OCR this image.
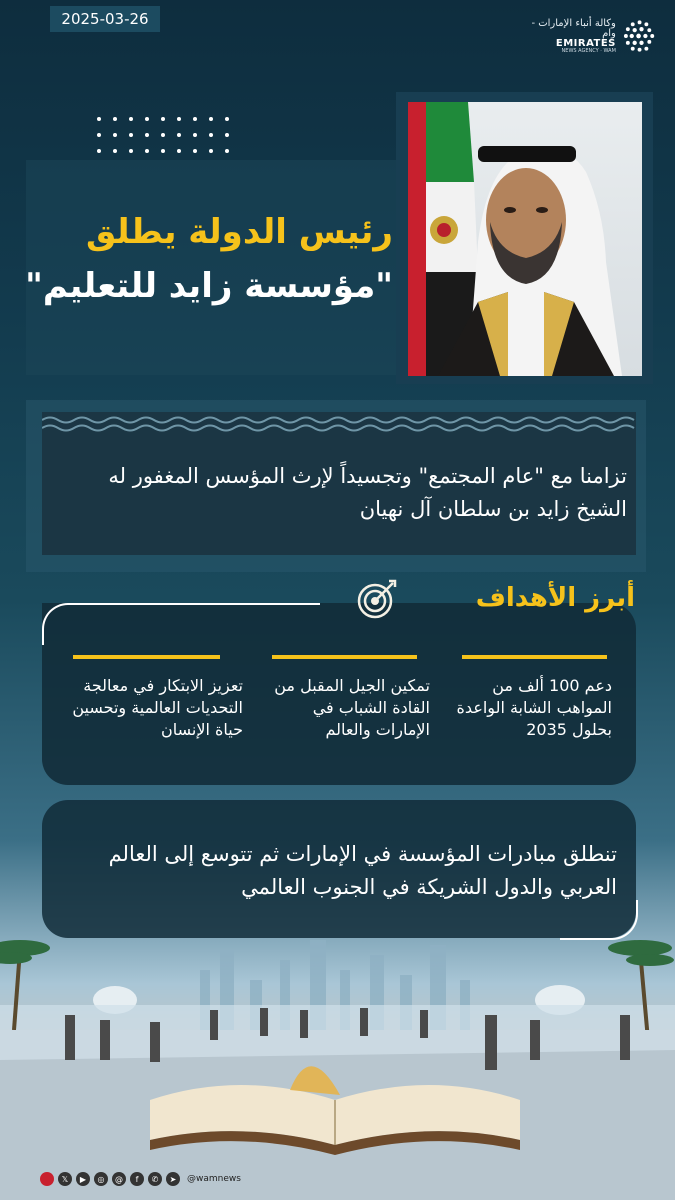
2025-03-26	وكالة أنباء الإمارات - وام
EMIRATES
NEWS AGENCY · WAM
رئيس الدولة يطلق
"مؤسسة زايد للتعليم"
تزامنا مع "عام المجتمع" وتجسيداً لإرث المؤسس المغفور له الشيخ زايد بن سلطان آل نهيان
أبرز الأهداف
دعم 100 ألف من المواهب الشابة الواعدة بحلول 2035
تمكين الجيل المقبل من القادة الشباب في الإمارات والعالم
تعزيز الابتكار في معالجة التحديات العالمية وتحسين حياة الإنسان
تنطلق مبادرات المؤسسة في الإمارات ثم تتوسع إلى العالم العربي والدول الشريكة في الجنوب العالمي
𝕏	▶	◎	@	f	✆	➤	@wamnews
